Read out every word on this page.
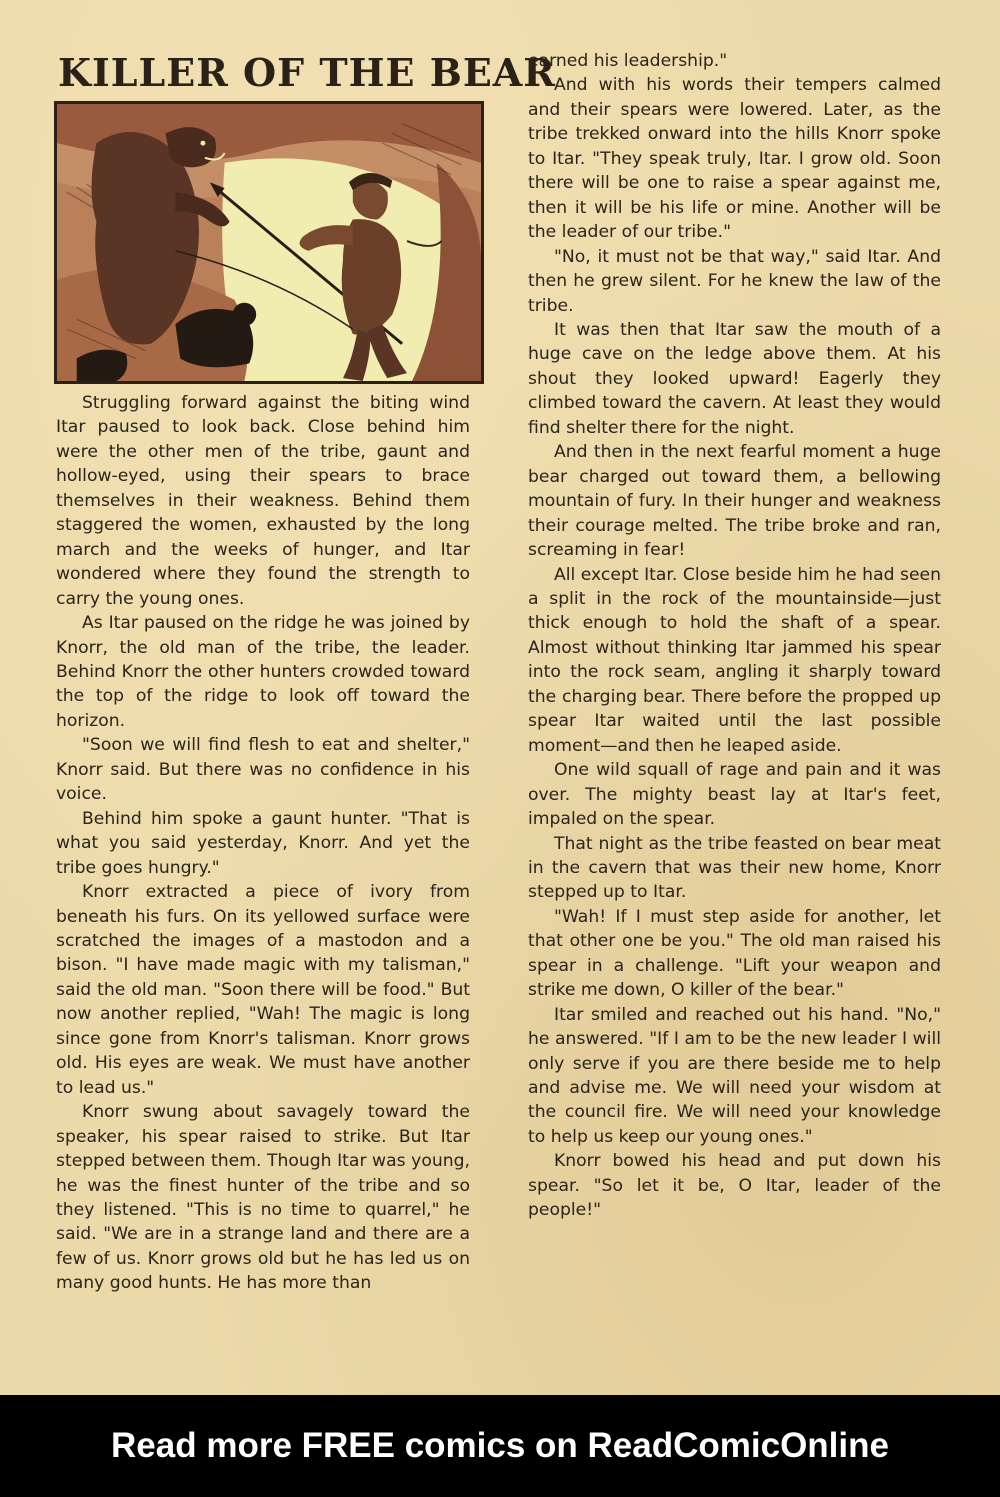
KILLER OF THE BEAR

Struggling forward against the biting wind Itar paused to look back. Close behind him were the other men of the tribe, gaunt and hollow-eyed, using their spears to brace themselves in their weakness. Behind them staggered the women, exhausted by the long march and the weeks of hunger, and Itar wondered where they found the strength to carry the young ones.

As Itar paused on the ridge he was joined by Knorr, the old man of the tribe, the leader. Behind Knorr the other hunters crowded toward the top of the ridge to look off toward the horizon.

"Soon we will find flesh to eat and shelter," Knorr said. But there was no confidence in his voice.

Behind him spoke a gaunt hunter. "That is what you said yesterday, Knorr. And yet the tribe goes hungry."

Knorr extracted a piece of ivory from beneath his furs. On its yellowed surface were scratched the images of a mastodon and a bison. "I have made magic with my talisman," said the old man. "Soon there will be food." But now another replied, "Wah! The magic is long since gone from Knorr's talisman. Knorr grows old. His eyes are weak. We must have another to lead us."

Knorr swung about savagely toward the speaker, his spear raised to strike. But Itar stepped between them. Though Itar was young, he was the finest hunter of the tribe and so they listened. "This is no time to quarrel," he said. "We are in a strange land and there are a few of us. Knorr grows old but he has led us on many good hunts. He has more than

earned his leadership."

And with his words their tempers calmed and their spears were lowered. Later, as the tribe trekked onward into the hills Knorr spoke to Itar. "They speak truly, Itar. I grow old. Soon there will be one to raise a spear against me, then it will be his life or mine. Another will be the leader of our tribe."

"No, it must not be that way," said Itar. And then he grew silent. For he knew the law of the tribe.

It was then that Itar saw the mouth of a huge cave on the ledge above them. At his shout they looked upward! Eagerly they climbed toward the cavern. At least they would find shelter there for the night.

And then in the next fearful moment a huge bear charged out toward them, a bellowing mountain of fury. In their hunger and weakness their courage melted. The tribe broke and ran, screaming in fear!

All except Itar. Close beside him he had seen a split in the rock of the mountainside—just thick enough to hold the shaft of a spear. Almost without thinking Itar jammed his spear into the rock seam, angling it sharply toward the charging bear. There before the propped up spear Itar waited until the last possible moment—and then he leaped aside.

One wild squall of rage and pain and it was over. The mighty beast lay at Itar's feet, impaled on the spear.

That night as the tribe feasted on bear meat in the cavern that was their new home, Knorr stepped up to Itar.

"Wah! If I must step aside for another, let that other one be you." The old man raised his spear in a challenge. "Lift your weapon and strike me down, O killer of the bear."

Itar smiled and reached out his hand. "No," he answered. "If I am to be the new leader I will only serve if you are there beside me to help and advise me. We will need your wisdom at the council fire. We will need your knowledge to help us keep our young ones."

Knorr bowed his head and put down his spear. "So let it be, O Itar, leader of the people!"

Read more FREE comics on ReadComicOnline
